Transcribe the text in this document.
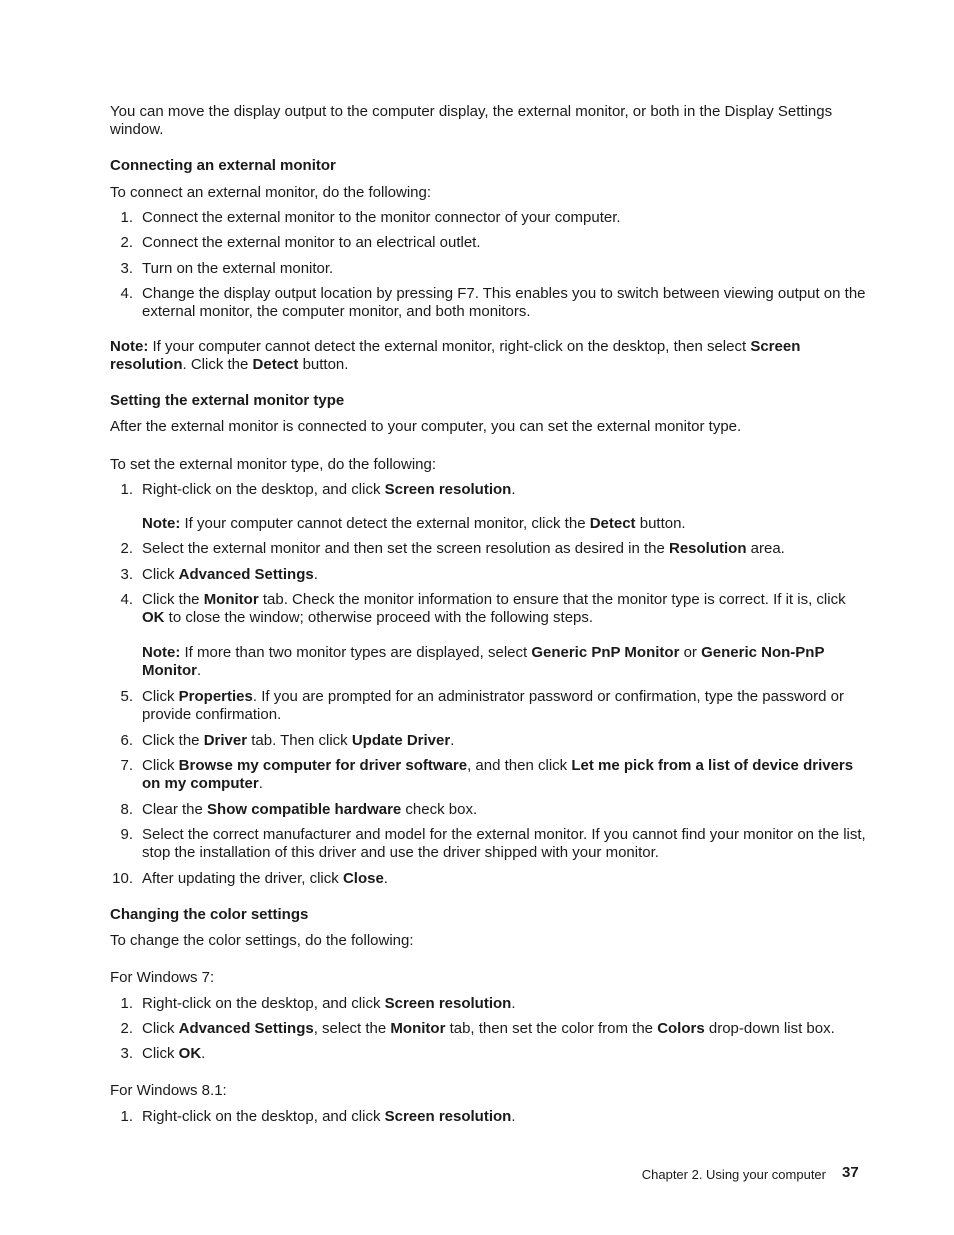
You can move the display output to the computer display, the external monitor, or both in the Display Settings window.

Connecting an external monitor

To connect an external monitor, do the following:

1. Connect the external monitor to the monitor connector of your computer.
2. Connect the external monitor to an electrical outlet.
3. Turn on the external monitor.
4. Change the display output location by pressing F7. This enables you to switch between viewing output on the external monitor, the computer monitor, and both monitors.

Note: If your computer cannot detect the external monitor, right-click on the desktop, then select Screen resolution. Click the Detect button.

Setting the external monitor type

After the external monitor is connected to your computer, you can set the external monitor type.

To set the external monitor type, do the following:

1. Right-click on the desktop, and click Screen resolution.

Note: If your computer cannot detect the external monitor, click the Detect button.

2. Select the external monitor and then set the screen resolution as desired in the Resolution area.
3. Click Advanced Settings.
4. Click the Monitor tab. Check the monitor information to ensure that the monitor type is correct. If it is, click OK to close the window; otherwise proceed with the following steps.

Note: If more than two monitor types are displayed, select Generic PnP Monitor or Generic Non-PnP Monitor.

5. Click Properties. If you are prompted for an administrator password or confirmation, type the password or provide confirmation.
6. Click the Driver tab. Then click Update Driver.
7. Click Browse my computer for driver software, and then click Let me pick from a list of device drivers on my computer.
8. Clear the Show compatible hardware check box.
9. Select the correct manufacturer and model for the external monitor. If you cannot find your monitor on the list, stop the installation of this driver and use the driver shipped with your monitor.
10. After updating the driver, click Close.
Changing the color settings

To change the color settings, do the following:

For Windows 7:

1. Right-click on the desktop, and click Screen resolution.
2. Click Advanced Settings, select the Monitor tab, then set the color from the Colors drop-down list box.
3. Click OK.

For Windows 8.1:

1. Right-click on the desktop, and click Screen resolution.
Chapter 2. Using your computer 37
